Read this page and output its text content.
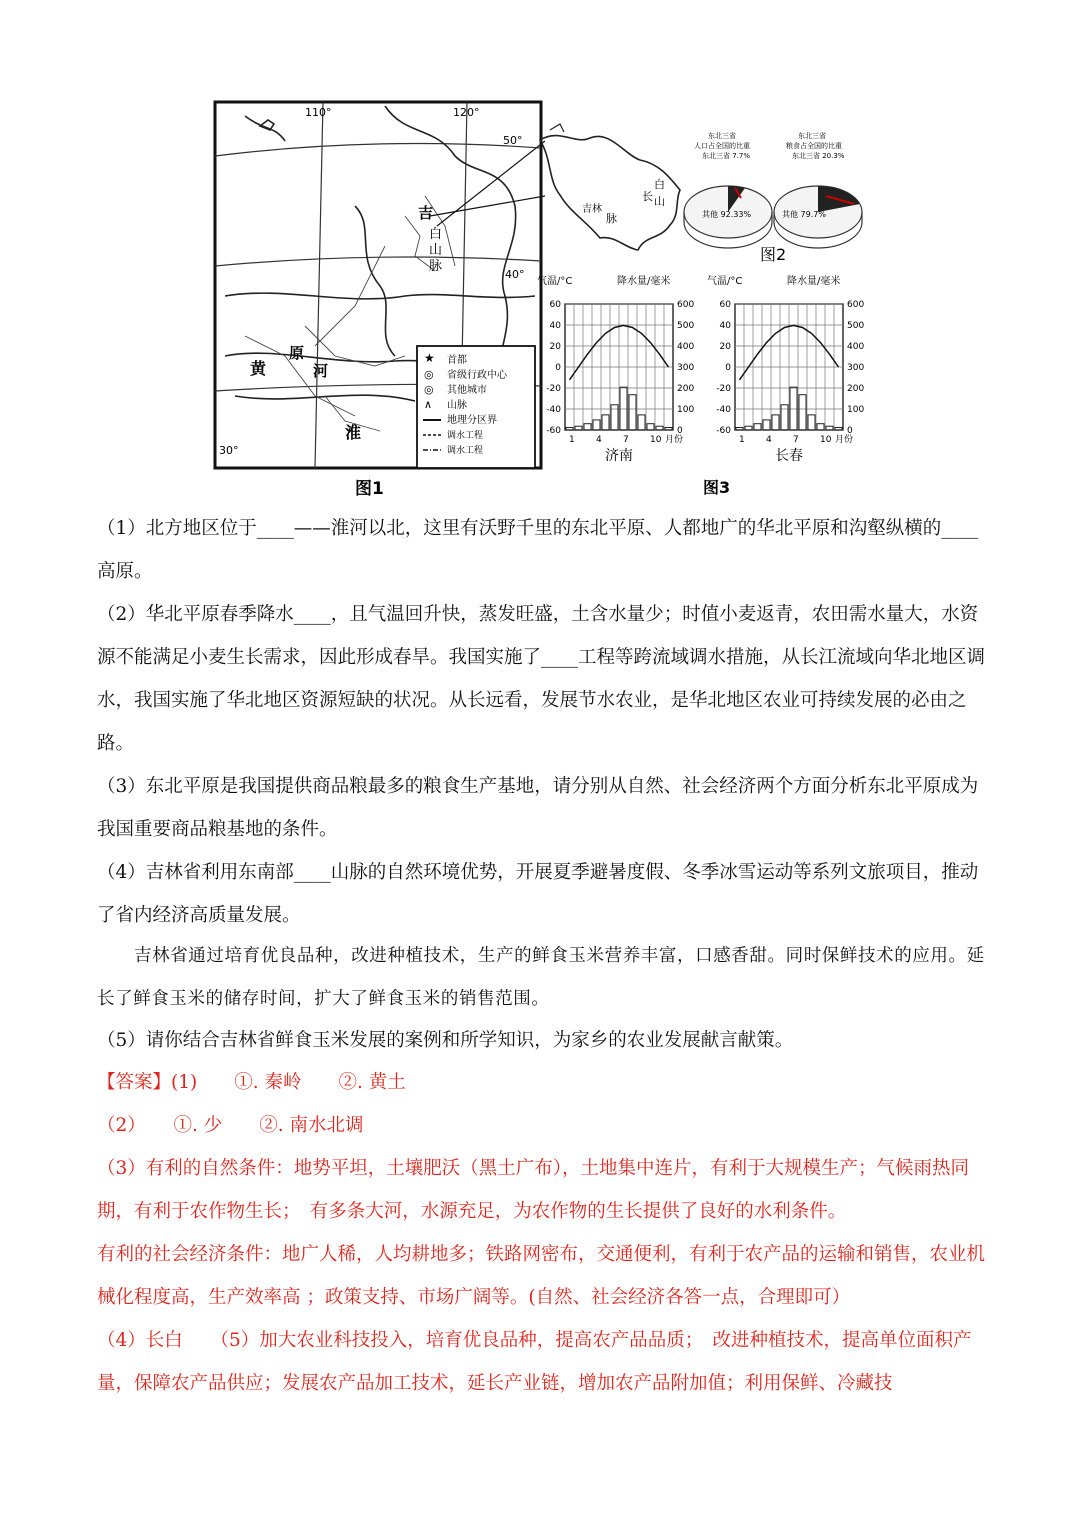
50°
40°
30°
110°	120°
吉
白
山
脉
黄
淮
原
河
★
◎
◎
∧
首都
省级行政中心
其他城市
山脉
地理分区界
调水工程
调水工程
图1
吉 林
长
白
山
脉
东北三省
人口占全国的比重
东北三省 7.7%
其他 92.33%
东北三省
粮食占全国的比重
东北三省 20.3%
其他 79.7%
图2
气温/°C	降水量/毫米
60	600
40	500
20	400
0	300
-20	200
-40	100
-60	0
1 4 7 10 月份
济南
气温/°C	降水量/毫米
60	600
40	500
20	400
0	300
-20	200
-40	100
-60	0
1 4 7 10 月份
长春
图3

（1）北方地区位于____——淮河以北，这里有沃野千里的东北平原、人都地广的华北平原和沟壑纵横的____高原。

（2）华北平原春季降水____，且气温回升快，蒸发旺盛，土含水量少；时值小麦返青，农田需水量大，水资源不能满足小麦生长需求，因此形成春旱。我国实施了____工程等跨流域调水措施，从长江流域向华北地区调水，我国实施了华北地区资源短缺的状况。从长远看，发展节水农业，是华北地区农业可持续发展的必由之路。

（3）东北平原是我国提供商品粮最多的粮食生产基地，请分别从自然、社会经济两个方面分析东北平原成为我国重要商品粮基地的条件。

（4）吉林省利用东南部____山脉的自然环境优势，开展夏季避暑度假、冬季冰雪运动等系列文旅项目，推动了省内经济高质量发展。

吉林省通过培育优良品种，改进种植技术，生产的鲜食玉米营养丰富，口感香甜。同时保鲜技术的应用。延长了鲜食玉米的储存时间，扩大了鲜食玉米的销售范围。

（5）请你结合吉林省鲜食玉米发展的案例和所学知识，为家乡的农业发展献言献策。

【答案】(1)　　①. 秦岭　　②. 黄土

（2）　　①. 少　　②. 南水北调

（3）有利的自然条件：地势平坦，土壤肥沃（黑土广布），土地集中连片，有利于大规模生产；气候雨热同期，有利于农作物生长；　有多条大河，水源充足，为农作物的生长提供了良好的水利条件。

有利的社会经济条件：地广人稀，人均耕地多；铁路网密布，交通便利，有利于农产品的运输和销售，农业机械化程度高，生产效率高 ；政策支持、市场广阔等。(自然、社会经济各答一点，合理即可）

（4）长白　　（5）加大农业科技投入，培育优良品种，提高农产品品质；　改进种植技术，提高单位面积产量，保障农产品供应；发展农产品加工技术，延长产业链，增加农产品附加值；利用保鲜、冷藏技
